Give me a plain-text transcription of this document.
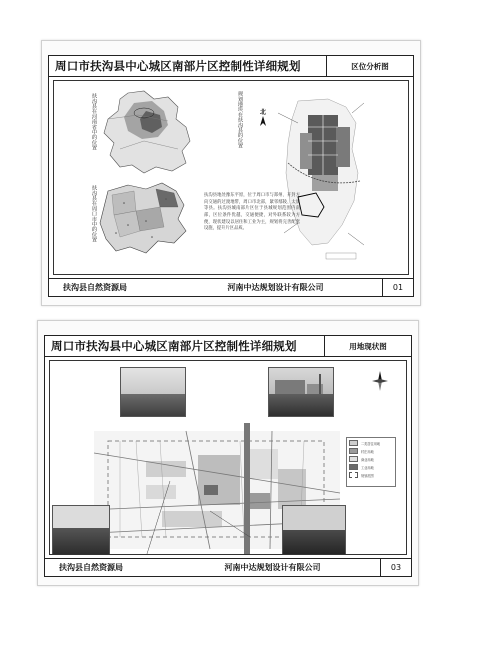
周口市扶沟县中心城区南部片区控制性详细规划	区位分析图
扶沟县在河南省中的位置
扶沟县在周口市中的位置
规划地块在扶沟县的位置	北
扶沟县地处豫东平原，位于周口市与郑州、开封方向交通的过渡地带，周口市北部，紧邻鄢陵、太康等县。扶沟县城南部片区位于县城规划范围内南部，区位条件优越，交通便捷，对外联系较为方便，现状建设以居住和工业为主，规划将完善配套设施，提升片区品质。
扶沟县自然资源局	河南中达规划设计有限公司	01
周口市扶沟县中心城区南部片区控制性详细规划	用地现状图
二类居住用地
村庄用地
商业用地
工业用地
规划范围
扶沟县自然资源局	河南中达规划设计有限公司	03
